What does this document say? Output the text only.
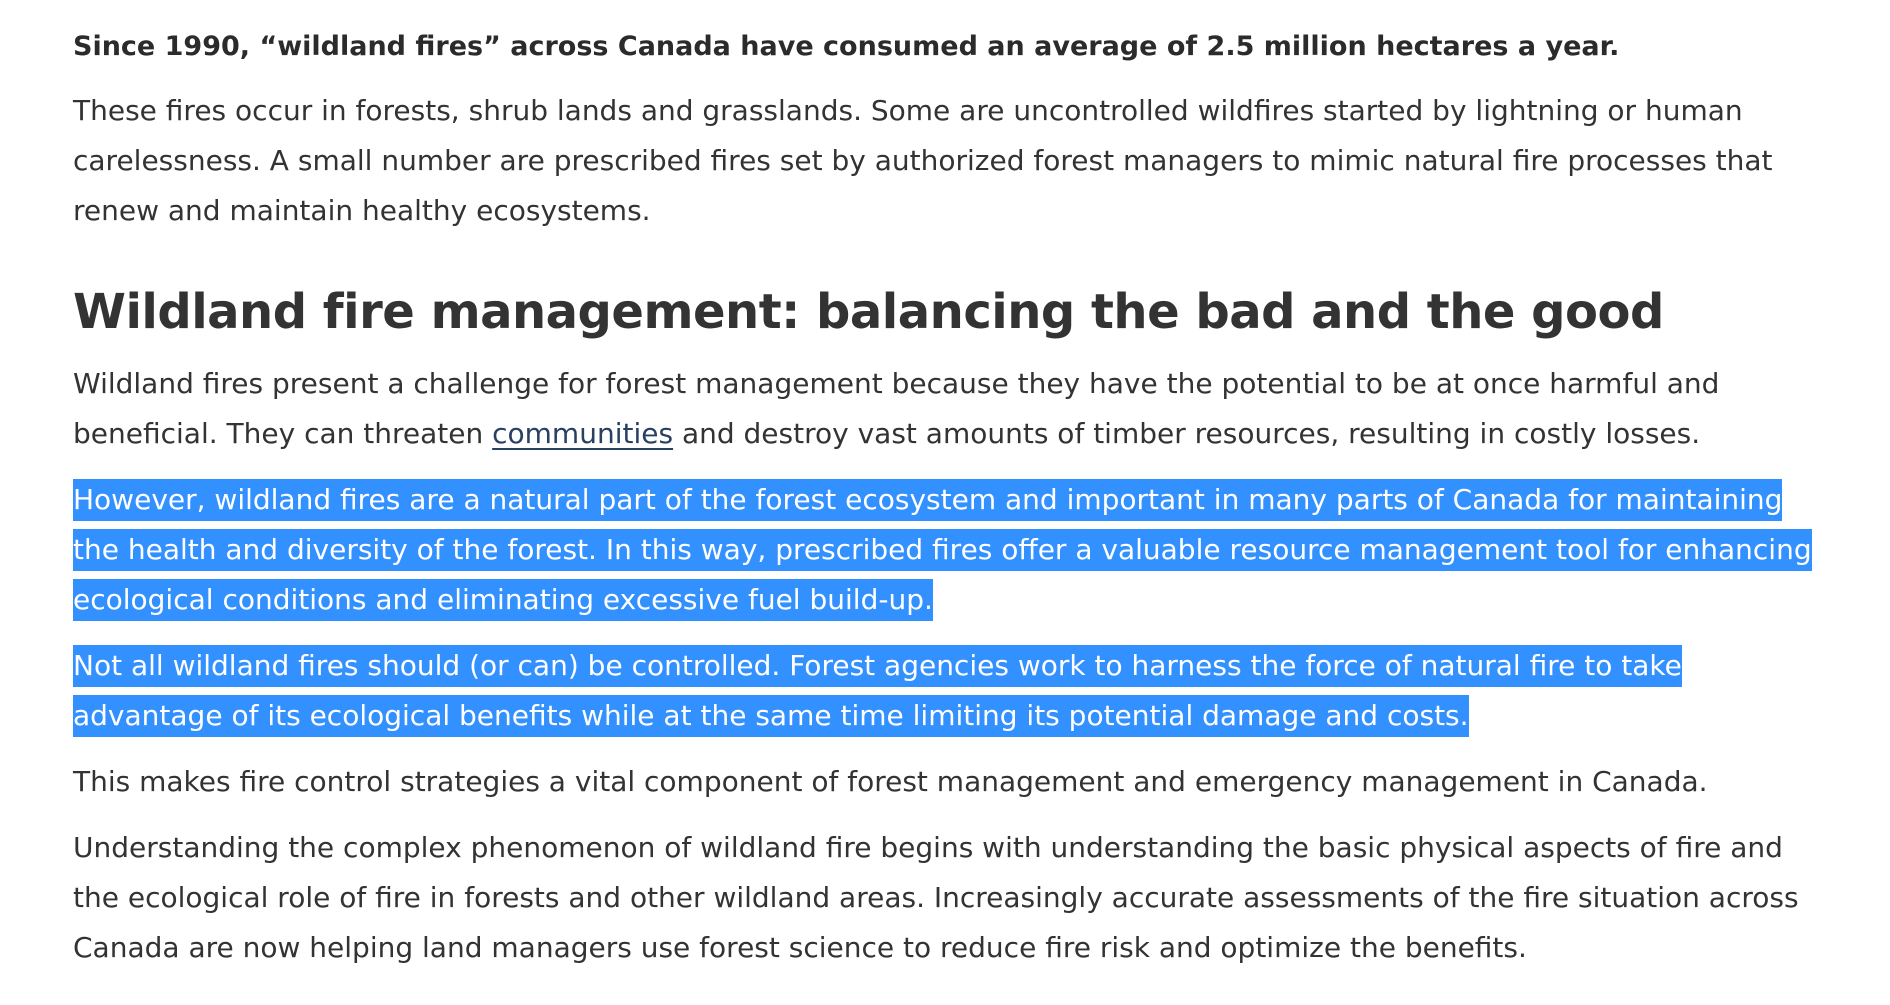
Since 1990, “wildland fires” across Canada have consumed an average of 2.5 million hectares a year.

These fires occur in forests, shrub lands and grasslands. Some are uncontrolled wildfires started by lightning or human carelessness. A small number are prescribed fires set by authorized forest managers to mimic natural fire processes that renew and maintain healthy ecosystems.

Wildland fire management: balancing the bad and the good

Wildland fires present a challenge for forest management because they have the potential to be at once harmful and beneficial. They can threaten communities and destroy vast amounts of timber resources, resulting in costly losses.

However, wildland fires are a natural part of the forest ecosystem and important in many parts of Canada for maintaining the health and diversity of the forest. In this way, prescribed fires offer a valuable resource management tool for enhancing ecological conditions and eliminating excessive fuel build-up.

Not all wildland fires should (or can) be controlled. Forest agencies work to harness the force of natural fire to take advantage of its ecological benefits while at the same time limiting its potential damage and costs.

This makes fire control strategies a vital component of forest management and emergency management in Canada.

Understanding the complex phenomenon of wildland fire begins with understanding the basic physical aspects of fire and the ecological role of fire in forests and other wildland areas. Increasingly accurate assessments of the fire situation across Canada are now helping land managers use forest science to reduce fire risk and optimize the benefits.
